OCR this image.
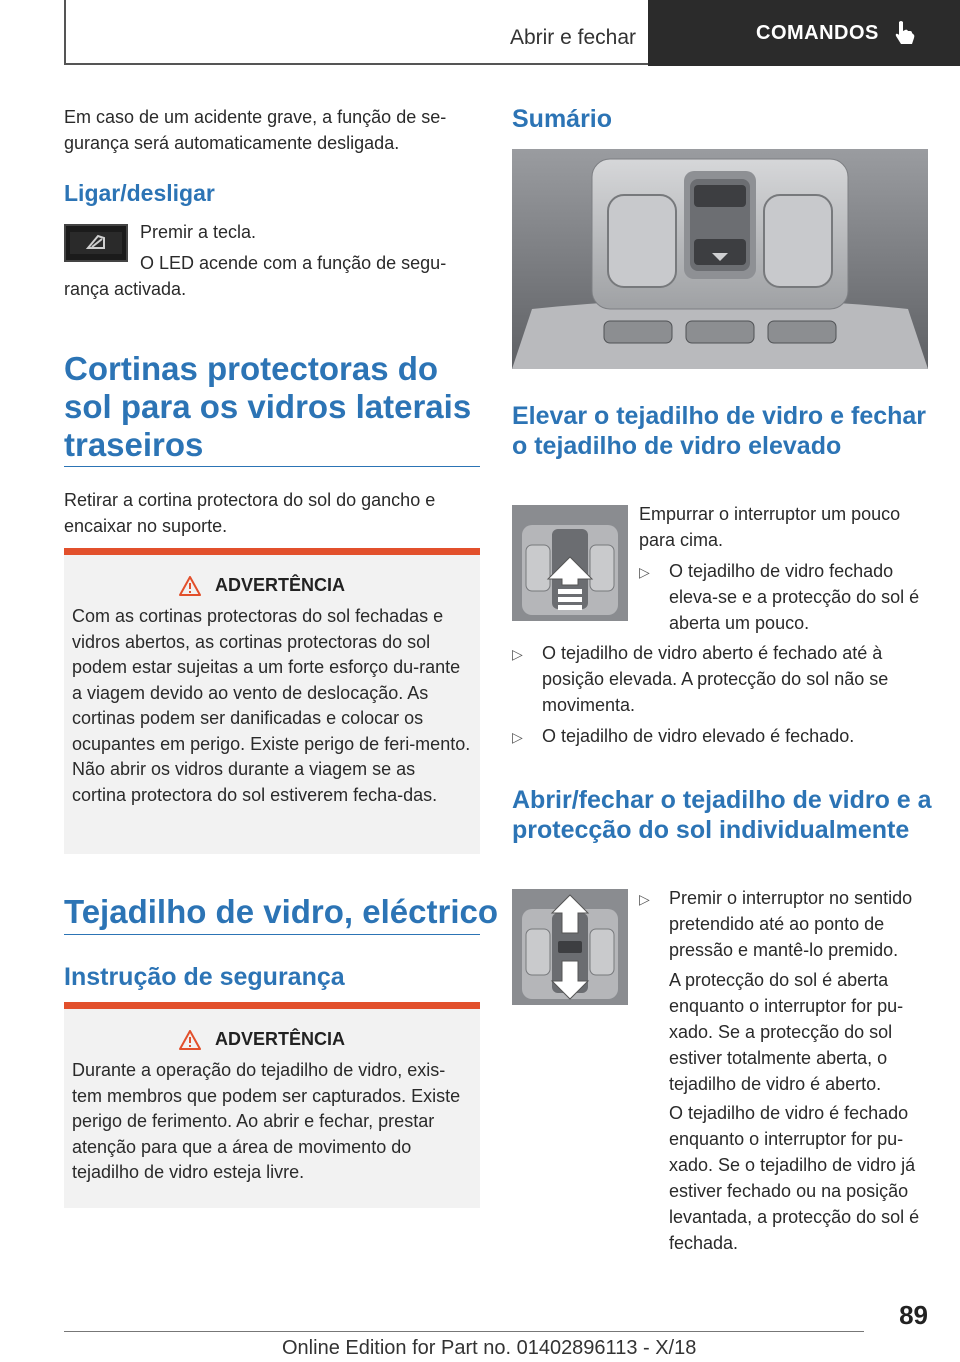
Abrir e fechar	COMANDOS

Em caso de um acidente grave, a função de se-gurança será automaticamente desligada.

Ligar/desligar

Premir a tecla.

O LED acende com a função de segu-rança activada.

Cortinas protectoras do sol para os vidros laterais traseiros

Retirar a cortina protectora do sol do gancho e encaixar no suporte.

ADVERTÊNCIA

Com as cortinas protectoras do sol fechadas e vidros abertos, as cortinas protectoras do sol podem estar sujeitas a um forte esforço du-rante a viagem devido ao vento de deslocação. As cortinas podem ser danificadas e colocar os ocupantes em perigo. Existe perigo de feri-mento. Não abrir os vidros durante a viagem se as cortina protectora do sol estiverem fecha-das.

Tejadilho de vidro, eléctrico
Instrução de segurança
ADVERTÊNCIA

Durante a operação do tejadilho de vidro, exis-tem membros que podem ser capturados. Existe perigo de ferimento. Ao abrir e fechar, prestar atenção para que a área de movimento do tejadilho de vidro esteja livre.

Sumário
Elevar o tejadilho de vidro e fechar o tejadilho de vidro elevado

Empurrar o interruptor um pouco para cima.

▷	O tejadilho de vidro fechado eleva-se e a protecção do sol é aberta um pouco.
▷	O tejadilho de vidro aberto é fechado até à posição elevada. A protecção do sol não se movimenta.
▷	O tejadilho de vidro elevado é fechado.
Abrir/fechar o tejadilho de vidro e a protecção do sol individualmente
▷	Premir o interruptor no sentido pretendido até ao ponto de pressão e mantê-lo premido.

A protecção do sol é aberta enquanto o interruptor for pu-xado. Se a protecção do sol estiver totalmente aberta, o tejadilho de vidro é aberto.

O tejadilho de vidro é fechado enquanto o interruptor for pu-xado. Se o tejadilho de vidro já estiver fechado ou na posição levantada, a protecção do sol é fechada.

89
Online Edition for Part no. 01402896113 - X/18
